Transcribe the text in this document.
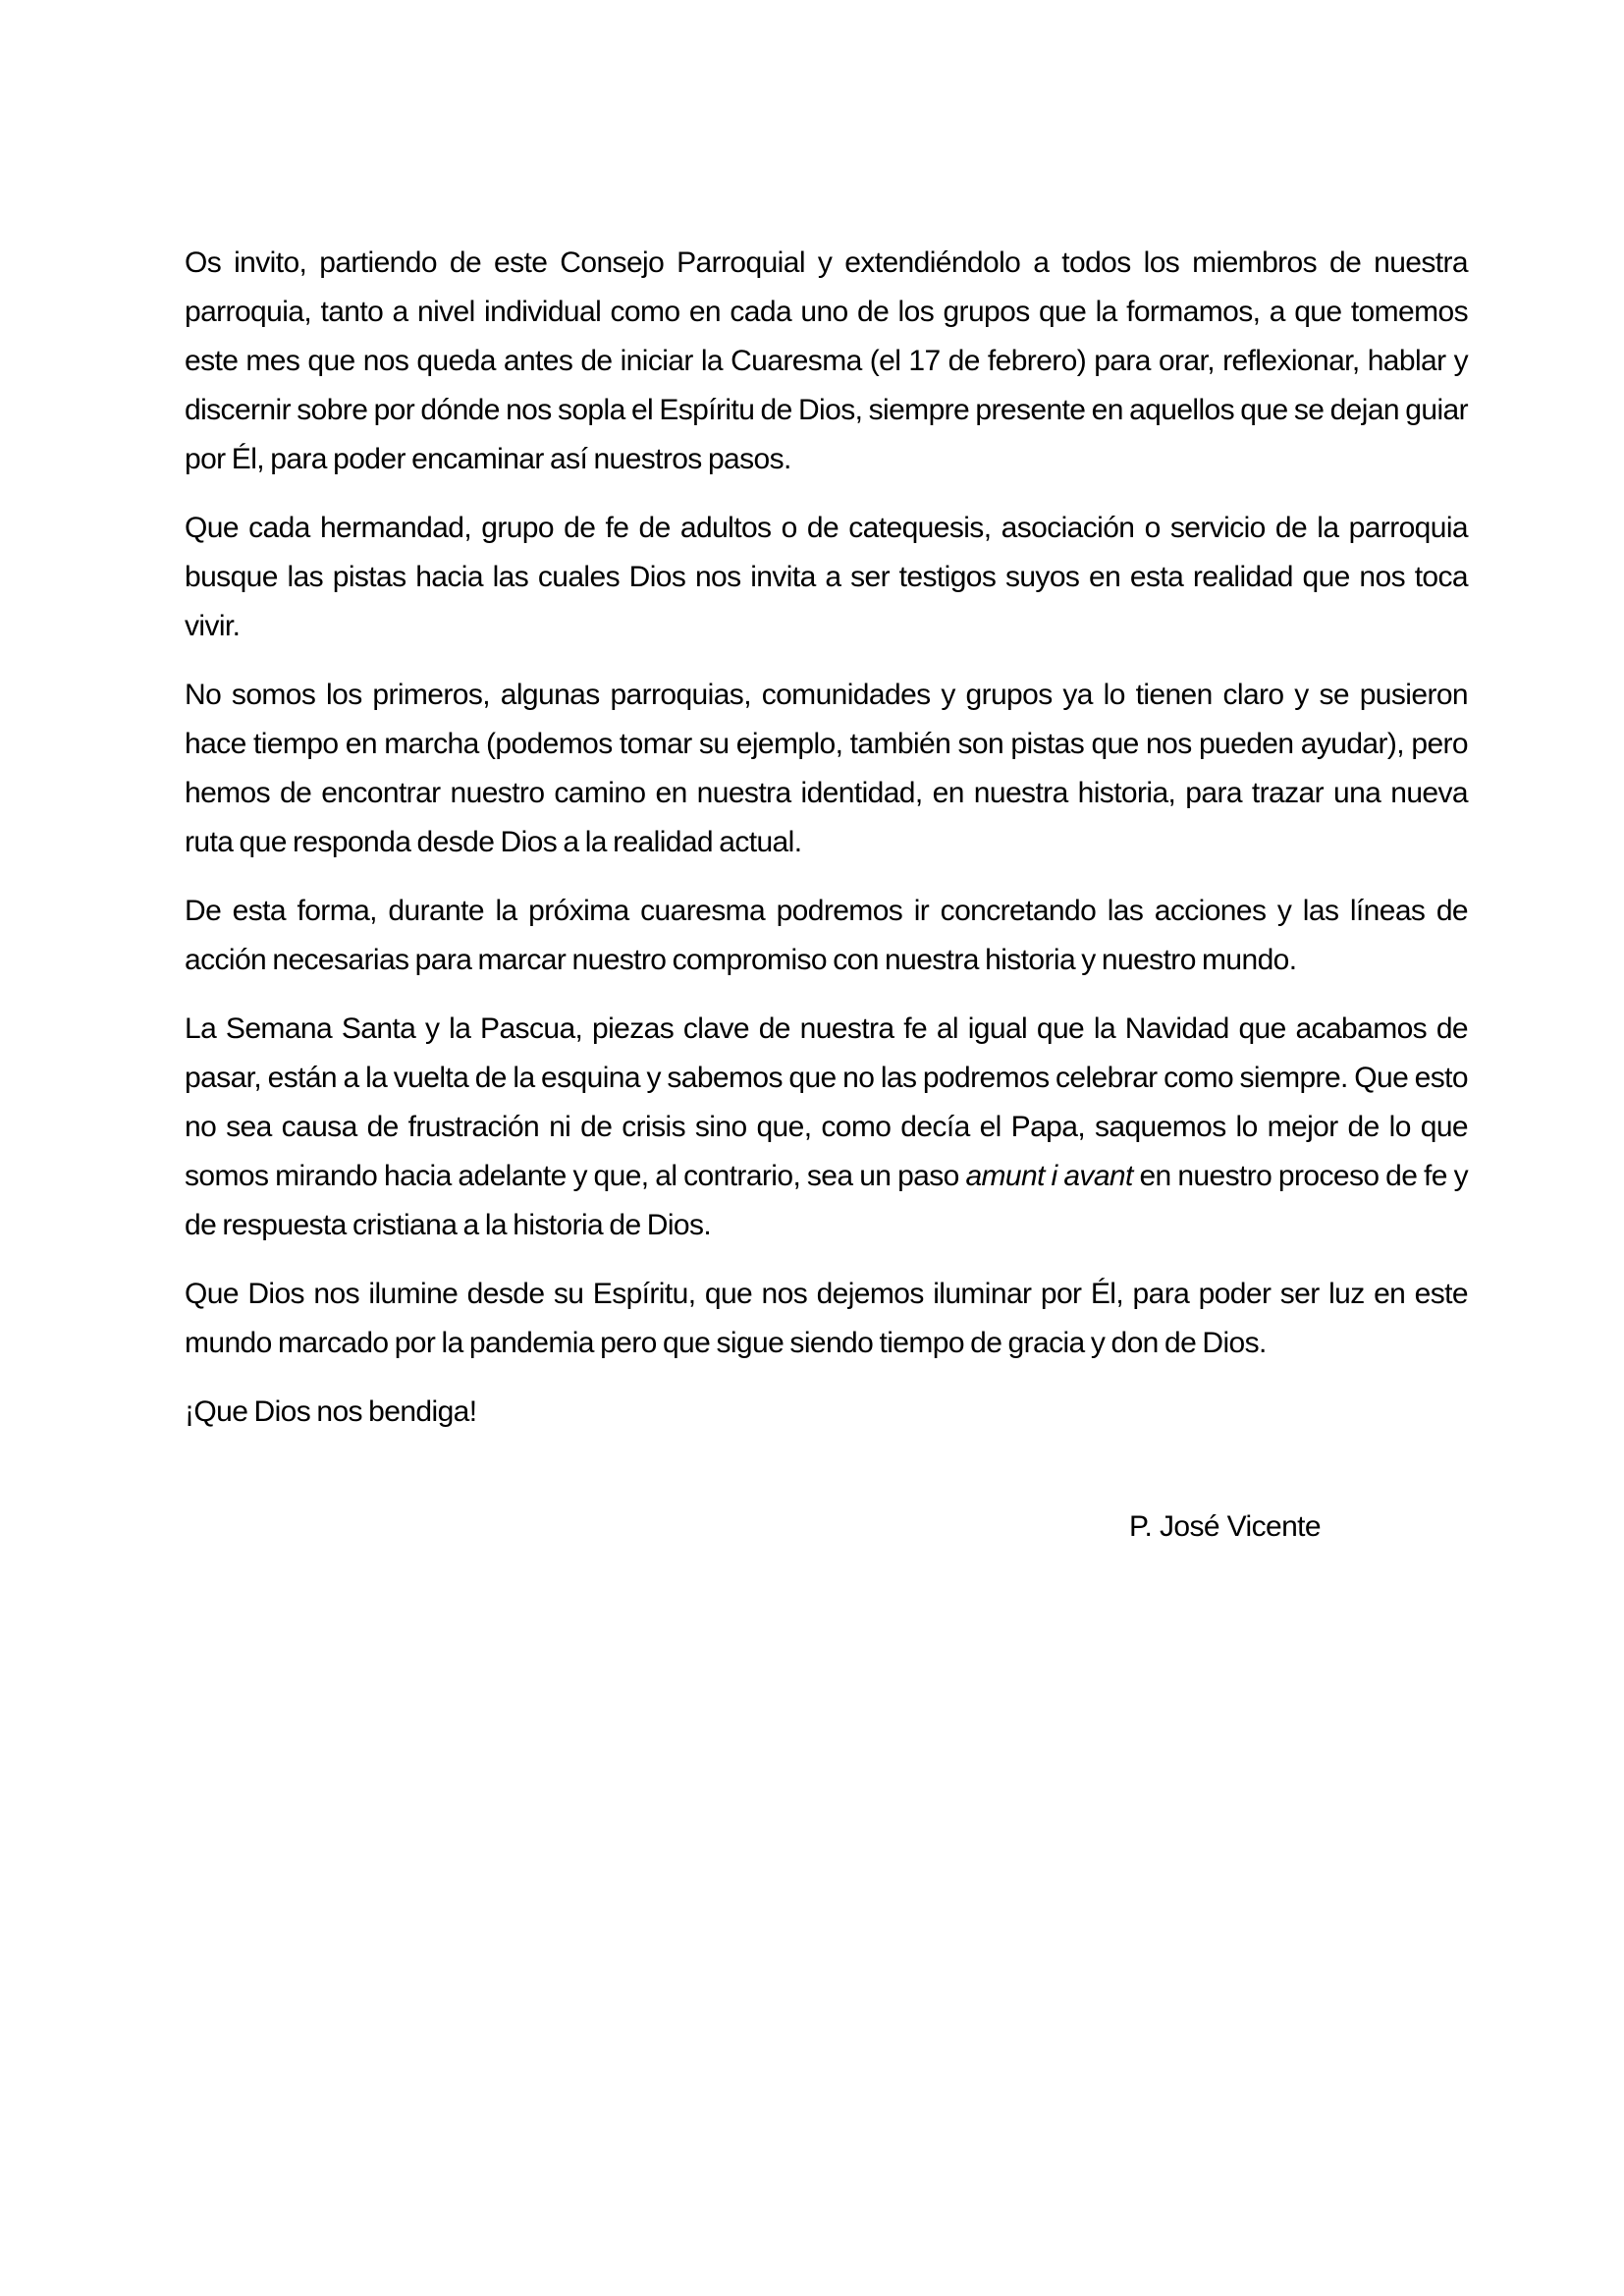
Os invito, partiendo de este Consejo Parroquial y extendiéndolo a todos los miembros de nuestra parroquia, tanto a nivel individual como en cada uno de los grupos que la formamos, a que tomemos este mes que nos queda antes de iniciar la Cuaresma (el 17 de febrero) para orar, reflexionar, hablar y discernir sobre por dónde nos sopla el Espíritu de Dios, siempre presente en aquellos que se dejan guiar por Él, para poder encaminar así nuestros pasos.

Que cada hermandad, grupo de fe de adultos o de catequesis, asociación o servicio de la parroquia busque las pistas hacia las cuales Dios nos invita a ser testigos suyos en esta realidad que nos toca vivir.

No somos los primeros, algunas parroquias, comunidades y grupos ya lo tienen claro y se pusieron hace tiempo en marcha (podemos tomar su ejemplo, también son pistas que nos pueden ayudar), pero hemos de encontrar nuestro camino en nuestra identidad, en nuestra historia, para trazar una nueva ruta que responda desde Dios a la realidad actual.

De esta forma, durante la próxima cuaresma podremos ir concretando las acciones y las líneas de acción necesarias para marcar nuestro compromiso con nuestra historia y nuestro mundo.

La Semana Santa y la Pascua, piezas clave de nuestra fe al igual que la Navidad que acabamos de pasar, están a la vuelta de la esquina y sabemos que no las podremos celebrar como siempre. Que esto no sea causa de frustración ni de crisis sino que, como decía el Papa, saquemos lo mejor de lo que somos mirando hacia adelante y que, al contrario, sea un paso amunt i avant en nuestro proceso de fe y de respuesta cristiana a la historia de Dios.

Que Dios nos ilumine desde su Espíritu, que nos dejemos iluminar por Él, para poder ser luz en este mundo marcado por la pandemia pero que sigue siendo tiempo de gracia y don de Dios.

¡Que Dios nos bendiga!

P. José Vicente
